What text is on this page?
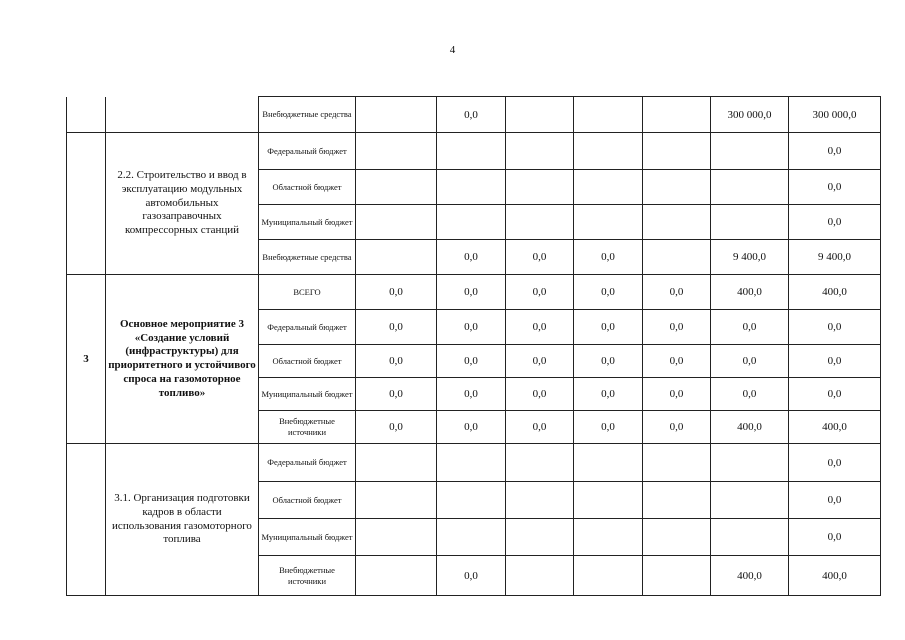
4
		Внебюджетные средства		0,0				300 000,0	300 000,0
	2.2. Строительство и ввод в эксплуатацию модульных автомобильных газозаправочных компрессорных станций	Федеральный бюджет							0,0
		Областной бюджет							0,0
		Муниципальный бюджет							0,0
		Внебюджетные средства		0,0	0,0	0,0		9 400,0	9 400,0
3	Основное мероприятие 3 «Создание условий (инфраструктуры) для приоритетного и устойчивого спроса на газомоторное топливо»	ВСЕГО	0,0	0,0	0,0	0,0	0,0	400,0	400,0
		Федеральный бюджет	0,0	0,0	0,0	0,0	0,0	0,0	0,0
		Областной бюджет	0,0	0,0	0,0	0,0	0,0	0,0	0,0
		Муниципальный бюджет	0,0	0,0	0,0	0,0	0,0	0,0	0,0
		Внебюджетные источники	0,0	0,0	0,0	0,0	0,0	400,0	400,0
	3.1. Организация подготовки кадров в области использования газомоторного топлива	Федеральный бюджет							0,0
		Областной бюджет							0,0
		Муниципальный бюджет							0,0
		Внебюджетные источники		0,0				400,0	400,0
